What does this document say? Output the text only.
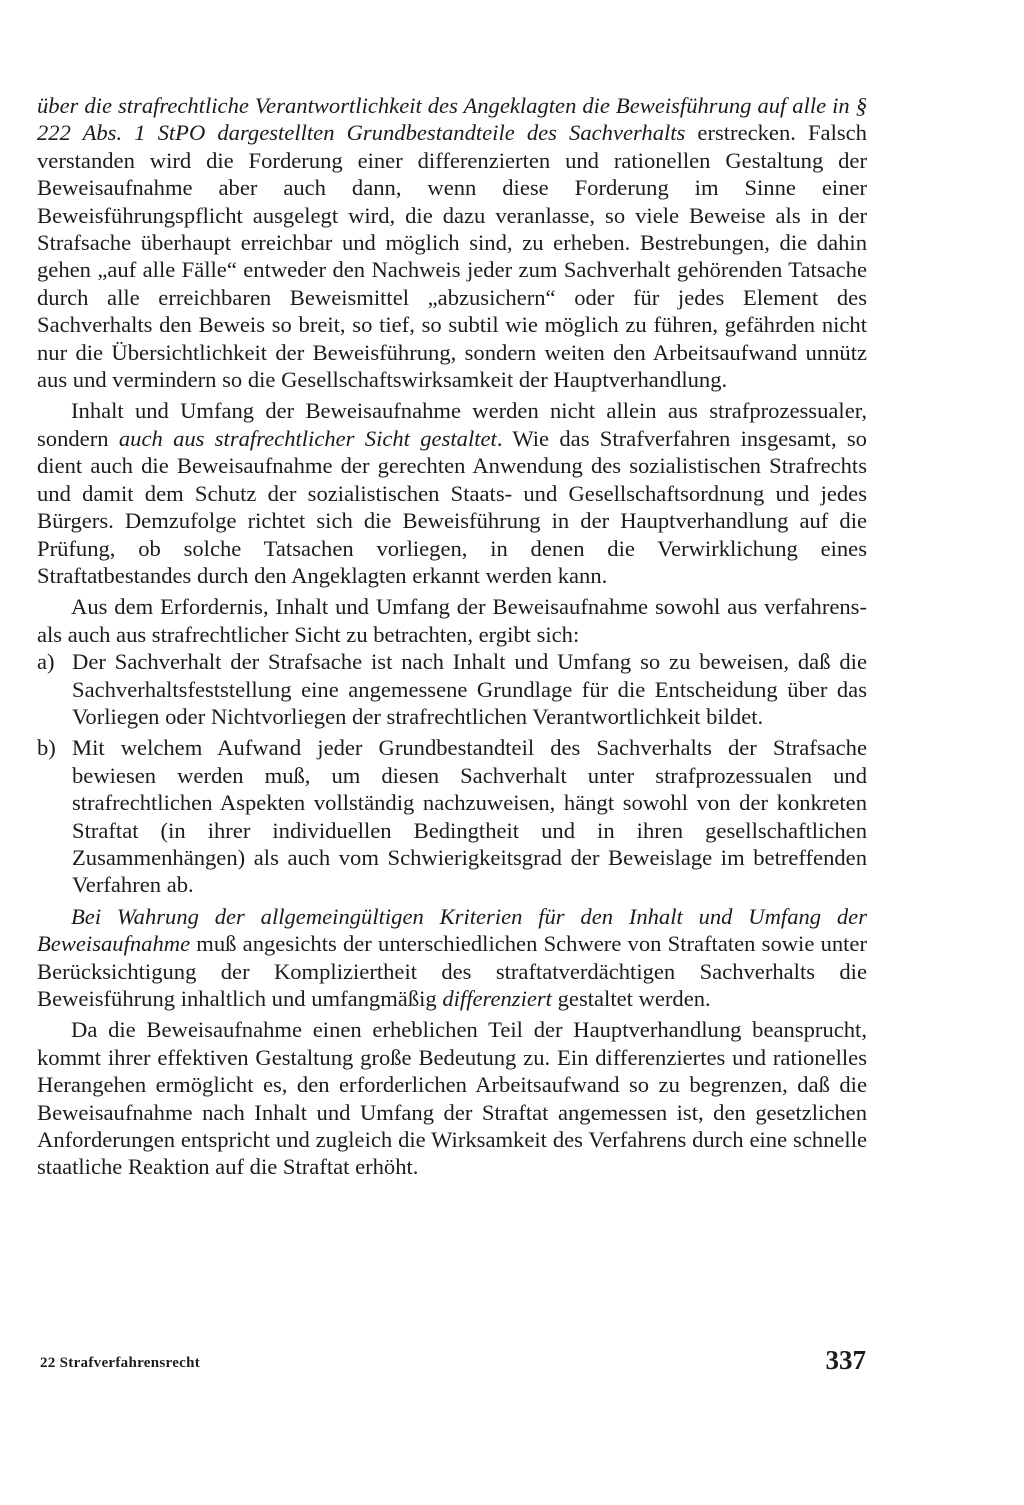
über die strafrechtliche Verantwortlichkeit des Angeklagten die Beweisführung auf alle in § 222 Abs. 1 StPO dargestellten Grundbestandteile des Sachverhalts erstrecken. Falsch verstanden wird die Forderung einer differenzierten und rationellen Gestaltung der Beweisaufnahme aber auch dann, wenn diese Forderung im Sinne einer Beweisführungspflicht ausgelegt wird, die dazu veranlasse, so viele Beweise als in der Strafsache überhaupt erreichbar und möglich sind, zu erheben. Bestrebungen, die dahin gehen „auf alle Fälle“ entweder den Nachweis jeder zum Sachverhalt gehörenden Tatsache durch alle erreichbaren Beweismittel „abzusichern“ oder für jedes Element des Sachverhalts den Beweis so breit, so tief, so subtil wie möglich zu führen, gefährden nicht nur die Übersichtlichkeit der Beweisführung, sondern weiten den Arbeitsaufwand unnütz aus und vermindern so die Gesellschaftswirksamkeit der Hauptverhandlung.

Inhalt und Umfang der Beweisaufnahme werden nicht allein aus strafprozessualer, sondern auch aus strafrechtlicher Sicht gestaltet. Wie das Strafverfahren insgesamt, so dient auch die Beweisaufnahme der gerechten Anwendung des sozialistischen Strafrechts und damit dem Schutz der sozialistischen Staats- und Gesellschaftsordnung und jedes Bürgers. Demzufolge richtet sich die Beweisführung in der Hauptverhandlung auf die Prüfung, ob solche Tatsachen vorliegen, in denen die Verwirklichung eines Straftatbestandes durch den Angeklagten erkannt werden kann.

Aus dem Erfordernis, Inhalt und Umfang der Beweisaufnahme sowohl aus verfahrens- als auch aus strafrechtlicher Sicht zu betrachten, ergibt sich:

a) Der Sachverhalt der Strafsache ist nach Inhalt und Umfang so zu beweisen, daß die Sachverhaltsfeststellung eine angemessene Grundlage für die Entscheidung über das Vorliegen oder Nichtvorliegen der strafrechtlichen Verantwortlichkeit bildet.
b) Mit welchem Aufwand jeder Grundbestandteil des Sachverhalts der Strafsache bewiesen werden muß, um diesen Sachverhalt unter strafprozessualen und strafrechtlichen Aspekten vollständig nachzuweisen, hängt sowohl von der konkreten Straftat (in ihrer individuellen Bedingtheit und in ihren gesellschaftlichen Zusammenhängen) als auch vom Schwierigkeitsgrad der Beweislage im betreffenden Verfahren ab.

Bei Wahrung der allgemeingültigen Kriterien für den Inhalt und Umfang der Beweisaufnahme muß angesichts der unterschiedlichen Schwere von Straftaten sowie unter Berücksichtigung der Kompliziertheit des straftatverdächtigen Sachverhalts die Beweisführung inhaltlich und umfangmäßig differenziert gestaltet werden.

Da die Beweisaufnahme einen erheblichen Teil der Hauptverhandlung beansprucht, kommt ihrer effektiven Gestaltung große Bedeutung zu. Ein differenziertes und rationelles Herangehen ermöglicht es, den erforderlichen Arbeitsaufwand so zu begrenzen, daß die Beweisaufnahme nach Inhalt und Umfang der Straftat angemessen ist, den gesetzlichen Anforderungen entspricht und zugleich die Wirksamkeit des Verfahrens durch eine schnelle staatliche Reaktion auf die Straftat erhöht.

22 Strafverfahrensrecht	337
